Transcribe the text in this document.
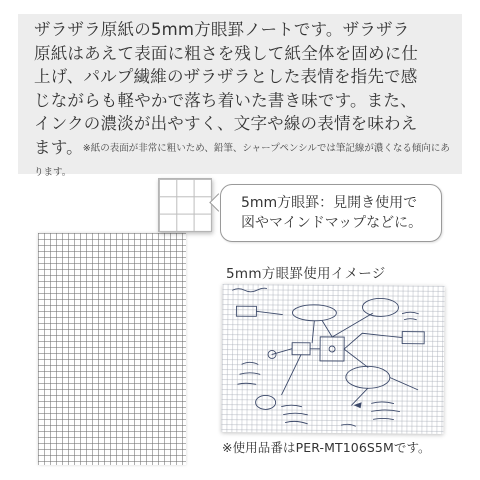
ザラザラ原紙の5mm方眼罫ノートです。ザラザラ

原紙はあえて表面に粗さを残して紙全体を固めに仕

上げ、パルプ繊維のザラザラとした表情を指先で感

じながらも軽やかで落ち着いた書き味です。また、

インクの濃淡が出やすく、文字や線の表情を味わえ

ます。※紙の表面が非常に粗いため、鉛筆、シャープペンシルでは筆記線が濃くなる傾向にあります。

5mm方眼罫：見開き使用で
図やマインドマップなどに。
5mm方眼罫使用イメージ
※使用品番はPER-MT106S5Mです。
